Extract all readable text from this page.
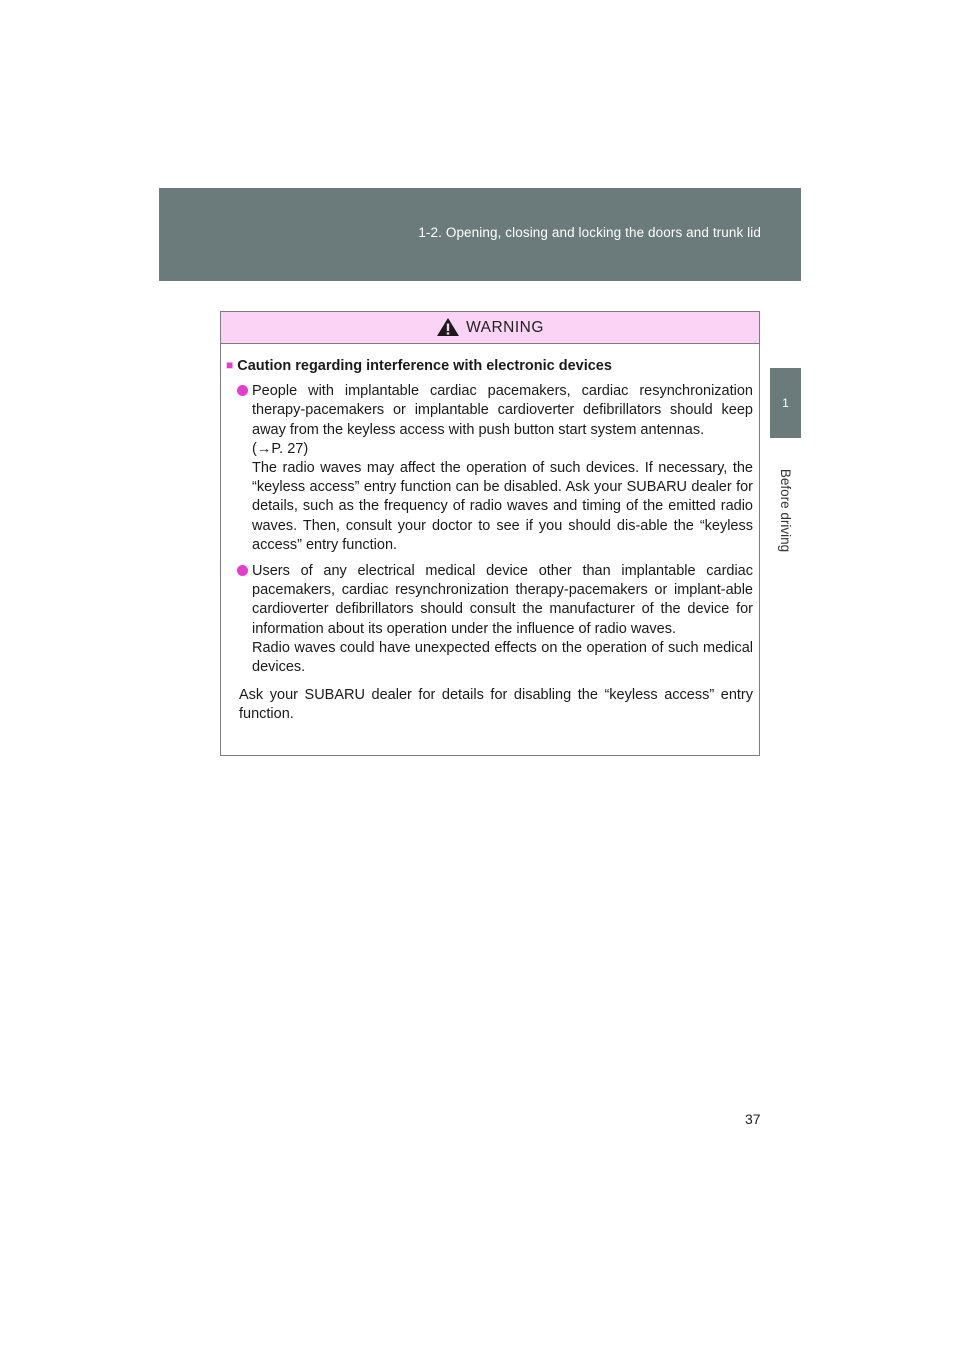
1-2. Opening, closing and locking the doors and trunk lid
1
Before driving
WARNING
■ Caution regarding interference with electronic devices

People with implantable cardiac pacemakers, cardiac resynchronization therapy-pacemakers or implantable cardioverter defibrillators should keep away from the keyless access with push button start system antennas.

(→P. 27)

The radio waves may affect the operation of such devices. If necessary, the “keyless access” entry function can be disabled. Ask your SUBARU dealer for details, such as the frequency of radio waves and timing of the emitted radio waves. Then, consult your doctor to see if you should dis-able the “keyless access” entry function.

Users of any electrical medical device other than implantable cardiac pacemakers, cardiac resynchronization therapy-pacemakers or implant-able cardioverter defibrillators should consult the manufacturer of the device for information about its operation under the influence of radio waves.

Radio waves could have unexpected effects on the operation of such medical devices.

Ask your SUBARU dealer for details for disabling the “keyless access” entry function.
37
